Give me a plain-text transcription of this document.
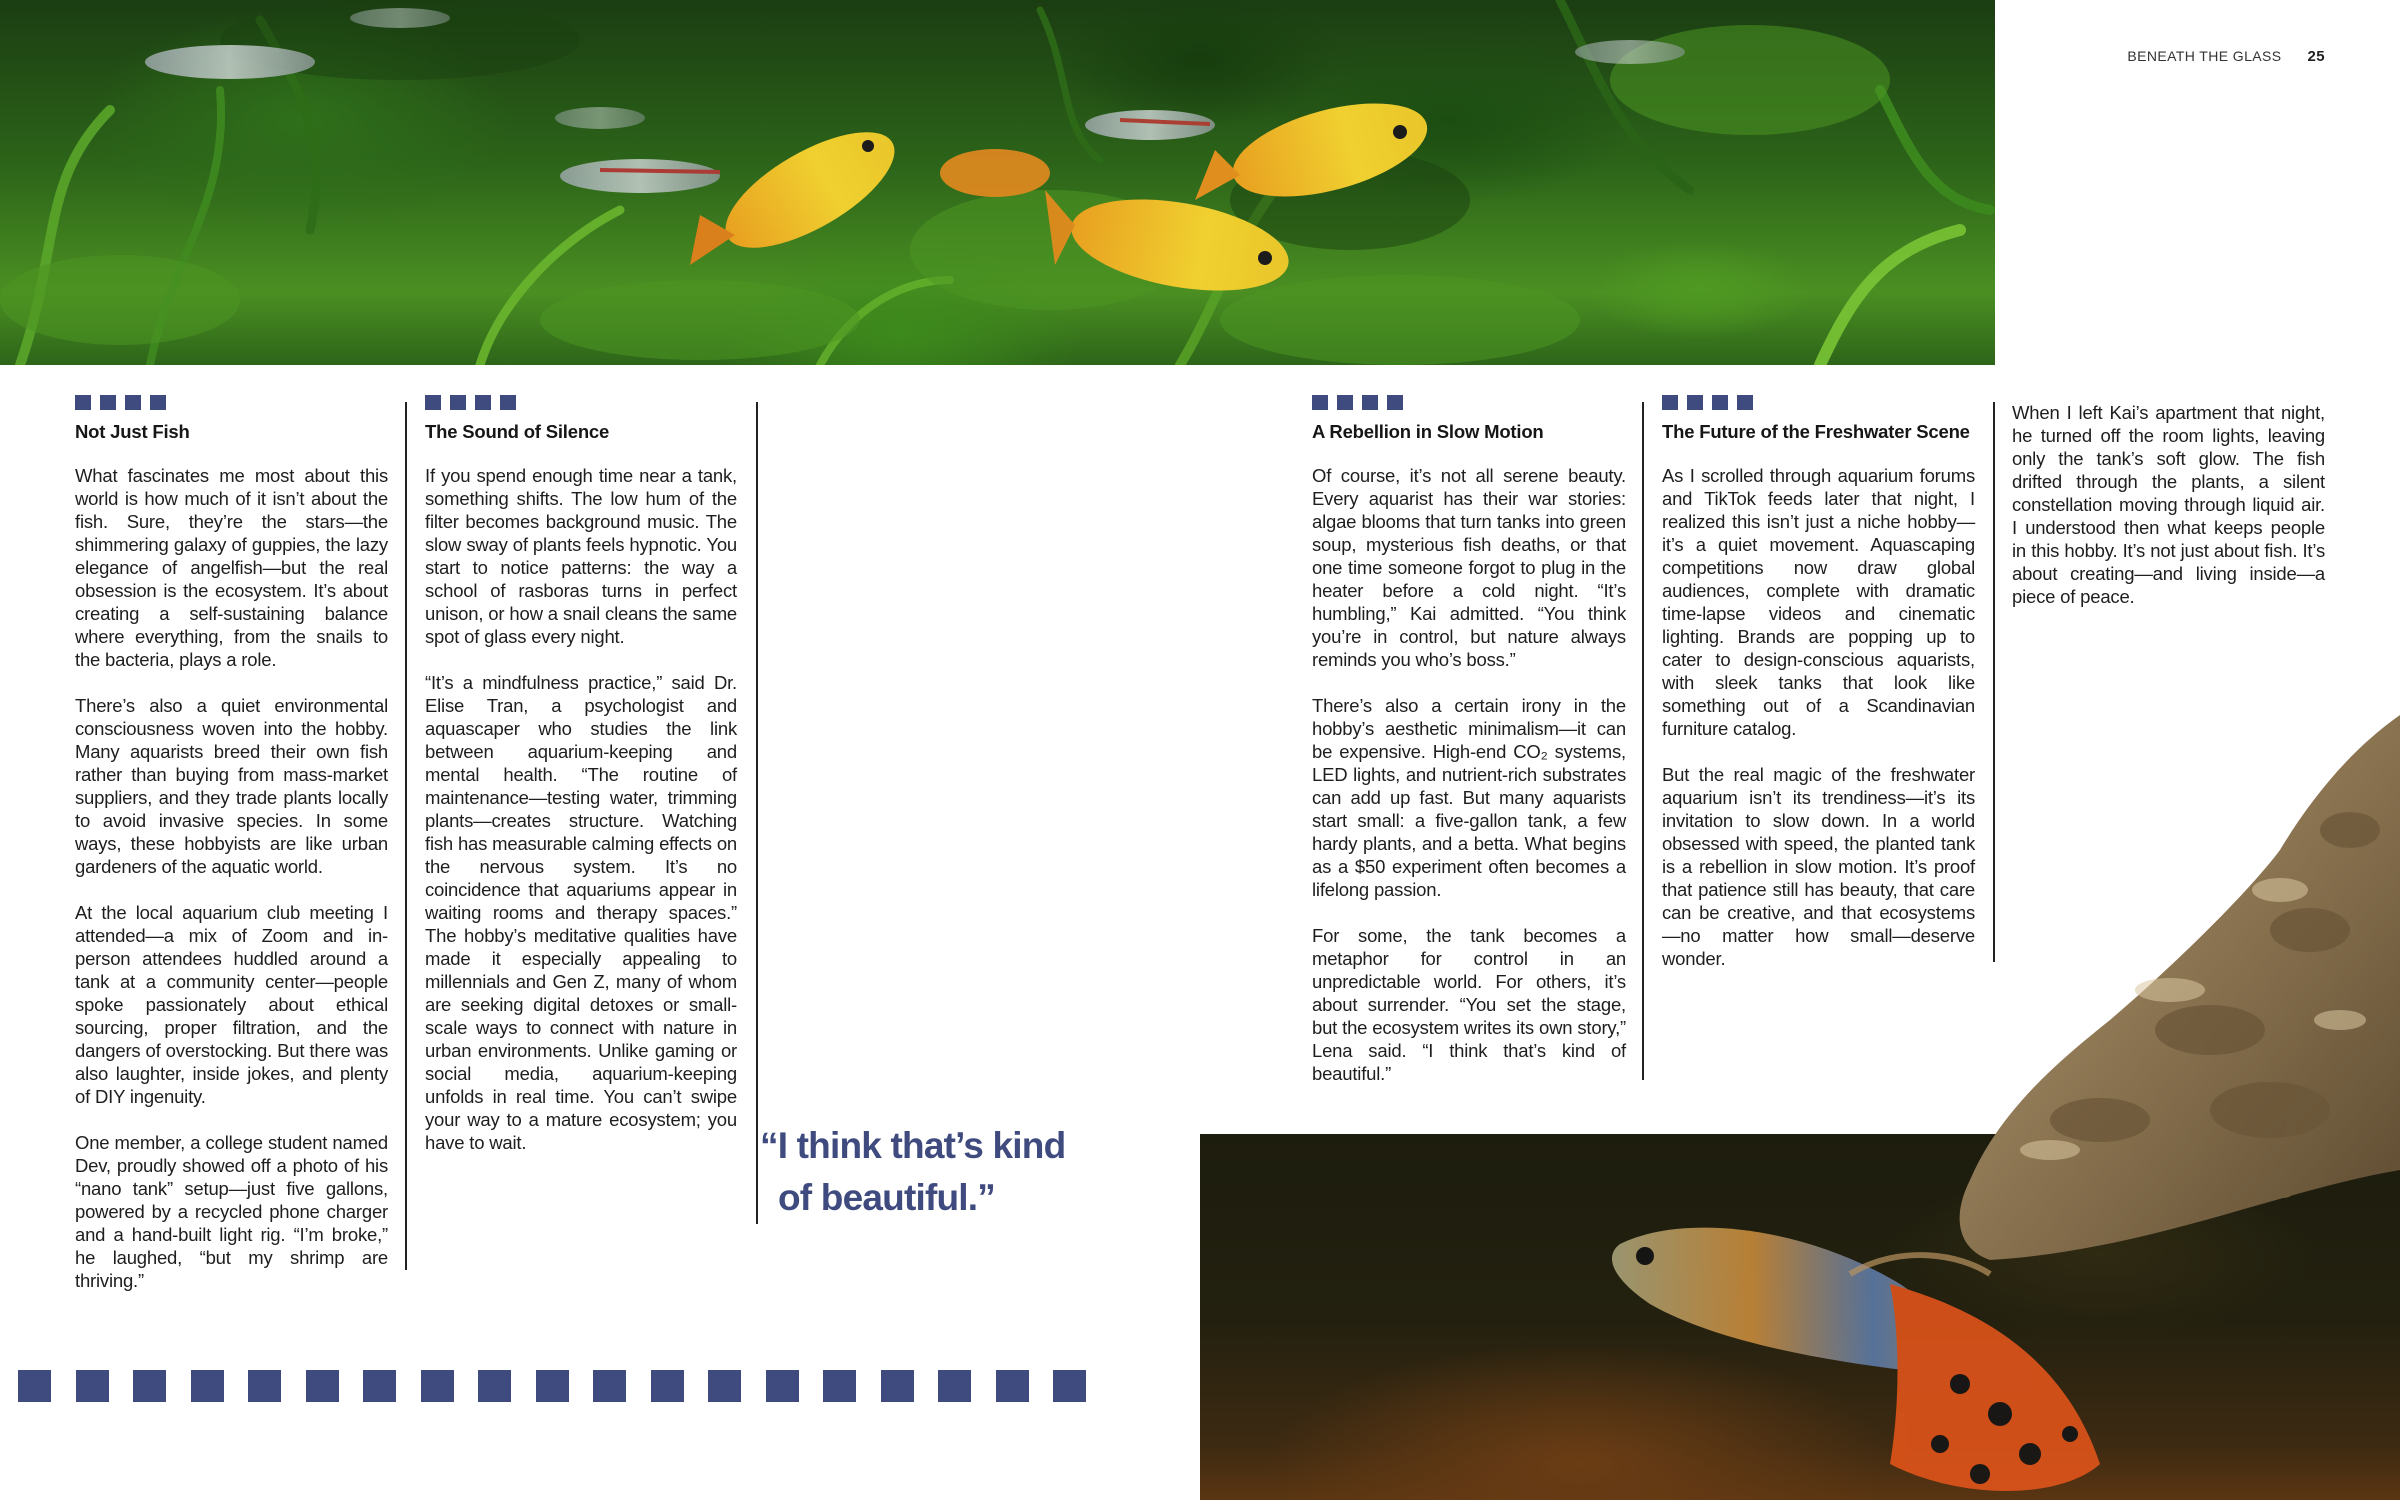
BENEATH THE GLASS 25
Not Just Fish

What fascinates me most about this world is how much of it isn’t about the fish. Sure, they’re the stars—the shimmering galaxy of guppies, the lazy elegance of angelfish—but the real obsession is the ecosystem. It’s about creating a self-sustaining balance where everything, from the snails to the bacteria, plays a role.

There’s also a quiet environmental consciousness woven into the hobby. Many aquarists breed their own fish rather than buying from mass-market suppliers, and they trade plants locally to avoid invasive species. In some ways, these hobbyists are like urban gardeners of the aquatic world.

At the local aquarium club meeting I attended—a mix of Zoom and in-person attendees huddled around a tank at a community center—people spoke passionately about ethical sourcing, proper filtration, and the dangers of overstocking. But there was also laughter, inside jokes, and plenty of DIY ingenuity.

One member, a college student named Dev, proudly showed off a photo of his “nano tank” setup—just five gallons, powered by a recycled phone charger and a hand-built light rig. “I’m broke,” he laughed, “but my shrimp are thriving.”

The Sound of Silence

If you spend enough time near a tank, something shifts. The low hum of the filter becomes background music. The slow sway of plants feels hypnotic. You start to notice patterns: the way a school of rasboras turns in perfect unison, or how a snail cleans the same spot of glass every night.

“It’s a mindfulness practice,” said Dr. Elise Tran, a psychologist and aquascaper who studies the link between aquarium-keeping and mental health. “The routine of maintenance—testing water, trimming plants—creates structure. Watching fish has measurable calming effects on the nervous system. It’s no coincidence that aquariums appear in waiting rooms and therapy spaces.” The hobby’s meditative qualities have made it especially appealing to millennials and Gen Z, many of whom are seeking digital detoxes or small-scale ways to connect with nature in urban environments. Unlike gaming or social media, aquarium-keeping unfolds in real time. You can’t swipe your way to a mature ecosystem; you have to wait.	“I think that’s kind
of beautiful.”
A Rebellion in Slow Motion

Of course, it’s not all serene beauty. Every aquarist has their war stories: algae blooms that turn tanks into green soup, mysterious fish deaths, or that one time someone forgot to plug in the heater before a cold night. “It’s humbling,” Kai admitted. “You think you’re in control, but nature always reminds you who’s boss.”

There’s also a certain irony in the hobby’s aesthetic minimalism—it can be expensive. High-end CO₂ systems, LED lights, and nutrient-rich substrates can add up fast. But many aquarists start small: a five-gallon tank, a few hardy plants, and a betta. What begins as a $50 experiment often becomes a lifelong passion.

For some, the tank becomes a metaphor for control in an unpredictable world. For others, it’s about surrender. “You set the stage, but the ecosystem writes its own story,” Lena said. “I think that’s kind of beautiful.”

The Future of the Freshwater Scene

As I scrolled through aquarium forums and TikTok feeds later that night, I realized this isn’t just a niche hobby—it’s a quiet movement. Aquascaping competitions now draw global audiences, complete with dramatic time-lapse videos and cinematic lighting. Brands are popping up to cater to design-conscious aquarists, with sleek tanks that look like something out of a Scandinavian furniture catalog.

But the real magic of the freshwater aquarium isn’t its trendiness—it’s its invitation to slow down. In a world obsessed with speed, the planted tank is a rebellion in slow motion. It’s proof that patience still has beauty, that care can be creative, and that ecosystems—no matter how small—deserve wonder.

When I left Kai’s apartment that night, he turned off the room lights, leaving only the tank’s soft glow. The fish drifted through the plants, a silent constellation moving through liquid air. I understood then what keeps people in this hobby. It’s not just about fish. It’s about creating—and living inside—a piece of peace.
